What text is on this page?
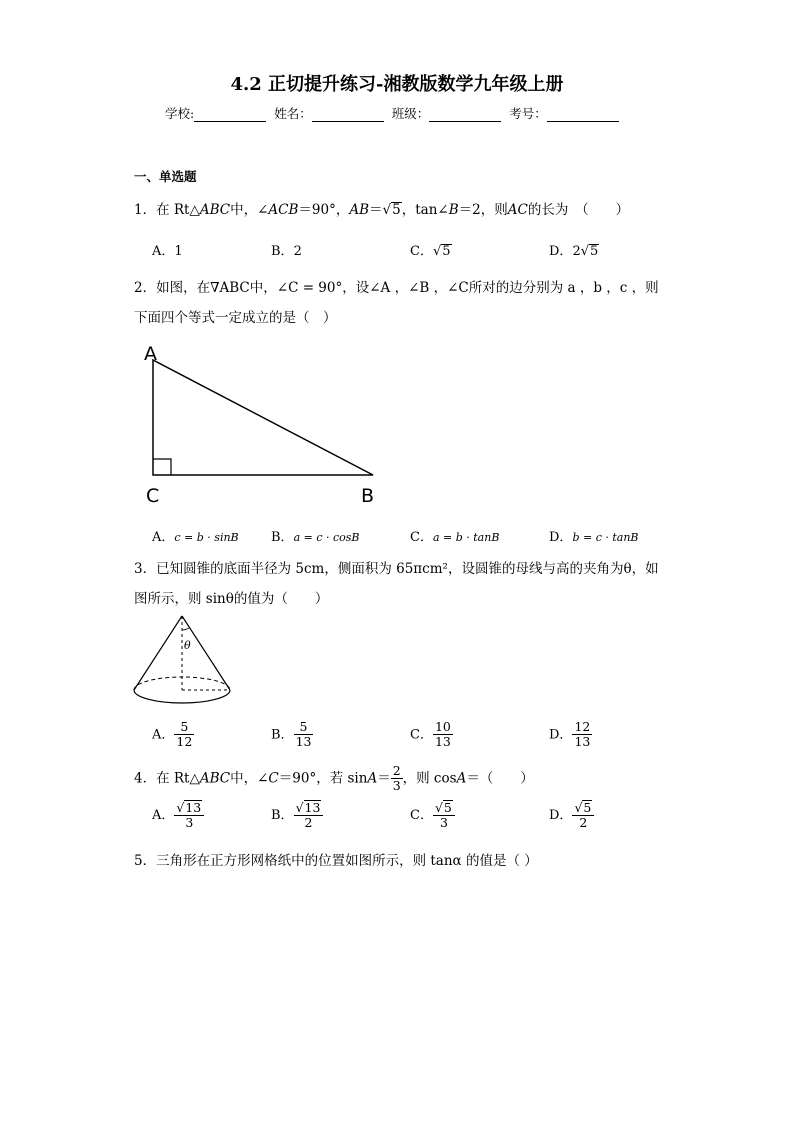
4.2 正切提升练习-湘教版数学九年级上册
学校:	姓名：	班级：	考号：
一、单选题
1．在 Rt△ABC中，∠ACB＝90°，AB＝√5，tan∠B＝2，则AC的长为　（　　）
A．1	B．2	C．√5	D．2√5
2．如图，在∇ABC中，∠C = 90°，设∠A ，∠B ，∠C所对的边分别为 a ，b ，c ，则
下面四个等式一定成立的是（　）
A
C	B
A．c = b · sinB B．a = c · cosB	C．a = b · tanB	D．b = c · tanB
3．已知圆锥的底面半径为 5cm，侧面积为 65πcm²，设圆锥的母线与高的夹角为θ，如
图所示，则 sinθ的值为（　　）
θ
A． $\frac{5}{12}$	B． $\frac{5}{13}$	C． $\frac{10}{13}$	D． $\frac{12}{13}$
4．在 Rt△ABC中，∠C＝90°，若 $\sin A= \frac{2}{3}$ ，则 cosA＝（　　）
A． $\frac{√13}{3}$	B． $\frac{√13}{2}$	C． $\frac{√5}{3}$	D． $\frac{√5}{2}$
5．三角形在正方形网格纸中的位置如图所示，则 tanα 的值是（ ）
